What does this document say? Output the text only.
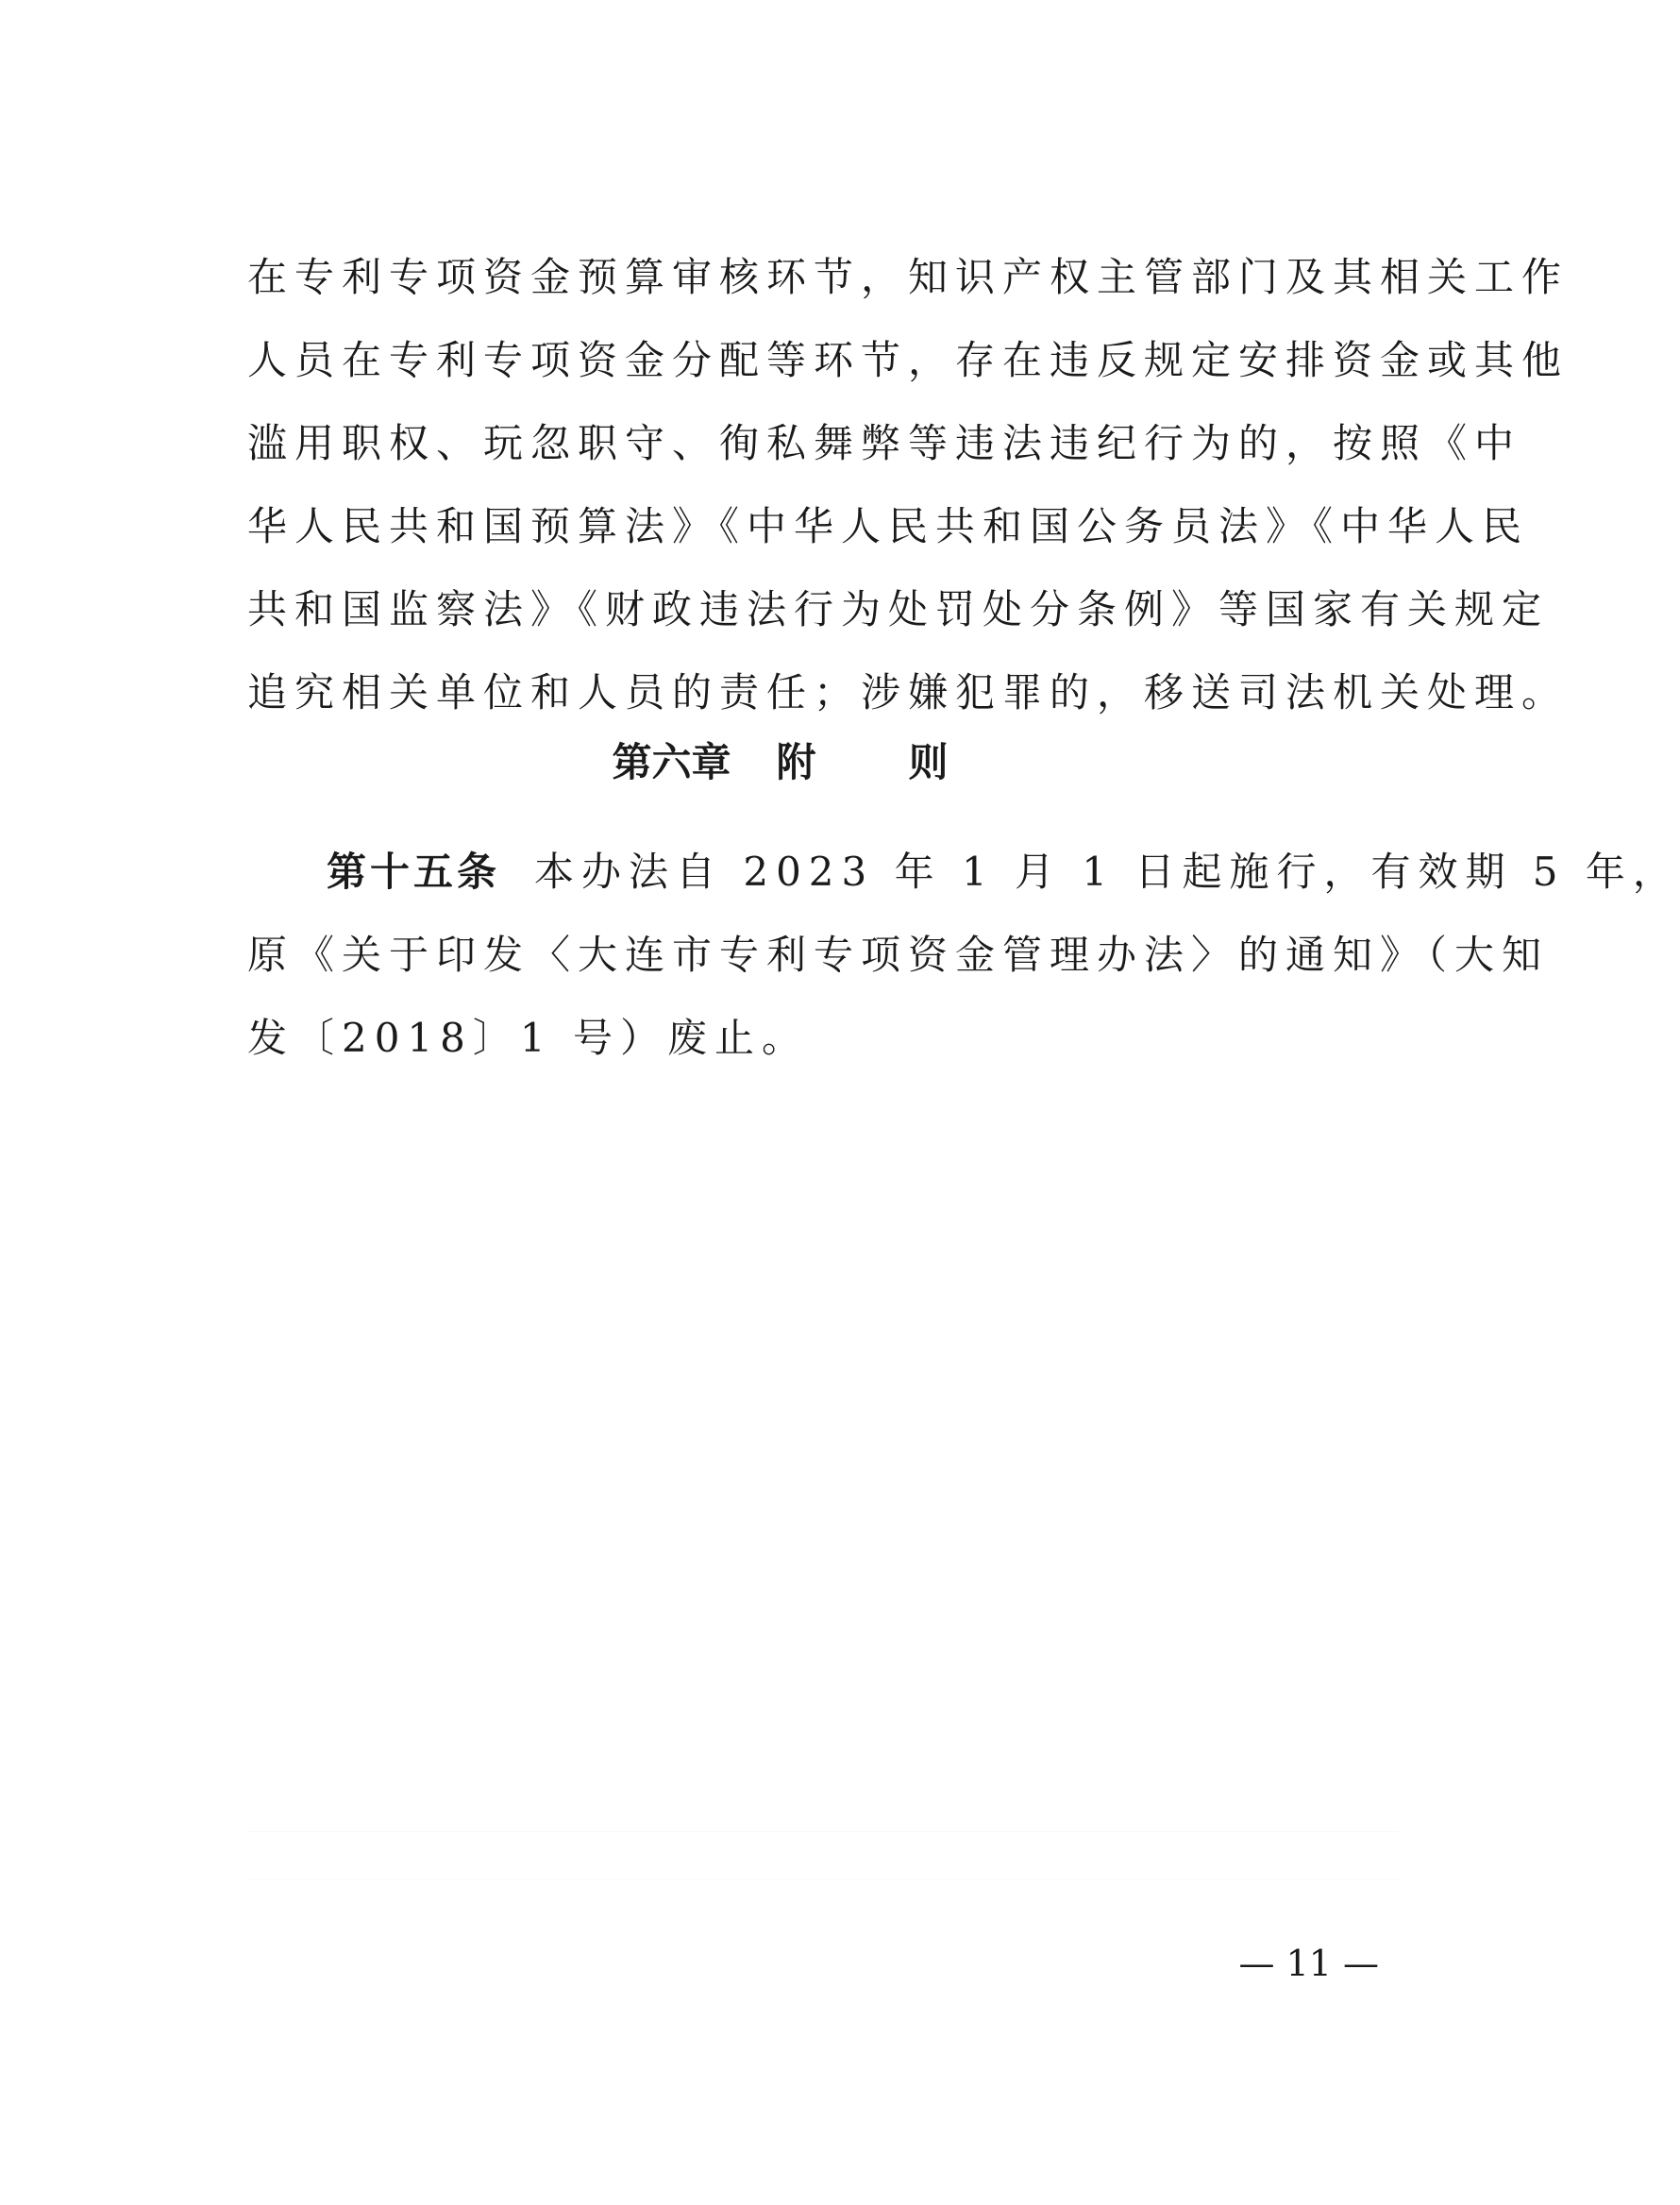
在专利专项资金预算审核环节，知识产权主管部门及其相关工作
人员在专利专项资金分配等环节，存在违反规定安排资金或其他
滥用职权、玩忽职守、徇私舞弊等违法违纪行为的，按照《中
华人民共和国预算法》《中华人民共和国公务员法》《中华人民
共和国监察法》《财政违法行为处罚处分条例》等国家有关规定
追究相关单位和人员的责任；涉嫌犯罪的，移送司法机关处理。
第六章 附 则
第十五条 本办法自 2023 年 1 月 1 日起施行，有效期 5 年，
原《关于印发〈大连市专利专项资金管理办法〉的通知》（大知
发〔2018〕1 号）废止。
— 11 —
